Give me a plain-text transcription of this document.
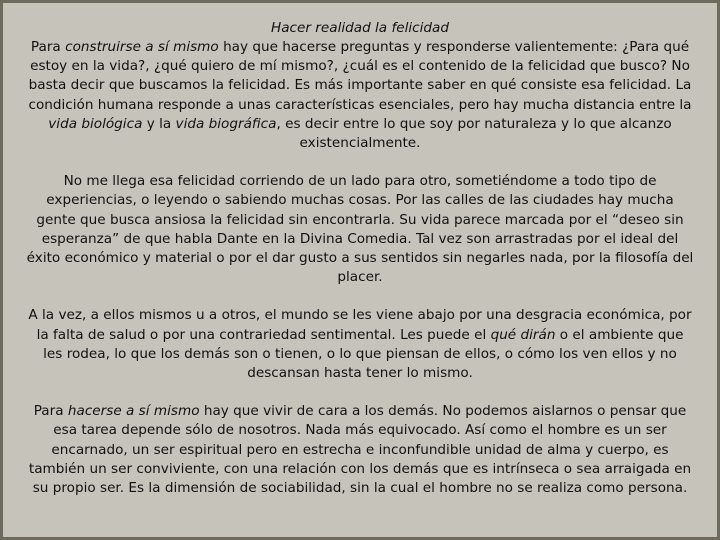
Hacer realidad la felicidad

Para construirse a sí mismo hay que hacerse preguntas y responderse valientemente: ¿Para qué estoy en la vida?, ¿qué quiero de mí mismo?, ¿cuál es el contenido de la felicidad que busco? No basta decir que buscamos la felicidad. Es más importante saber en qué consiste esa felicidad. La condición humana responde a unas características esenciales, pero hay mucha distancia entre la vida biológica y la vida biográfica, es decir entre lo que soy por naturaleza y lo que alcanzo existencialmente.

No me llega esa felicidad corriendo de un lado para otro, sometiéndome a todo tipo de experiencias, o leyendo o sabiendo muchas cosas. Por las calles de las ciudades hay mucha gente que busca ansiosa la felicidad sin encontrarla. Su vida parece marcada por el “deseo sin esperanza” de que habla Dante en la Divina Comedia. Tal vez son arrastradas por el ideal del éxito económico y material o por el dar gusto a sus sentidos sin negarles nada, por la filosofía del placer.

A la vez, a ellos mismos u a otros, el mundo se les viene abajo por una desgracia económica, por la falta de salud o por una contrariedad sentimental. Les puede el qué dirán o el ambiente que les rodea, lo que los demás son o tienen, o lo que piensan de ellos, o cómo los ven ellos y no descansan hasta tener lo mismo.

Para hacerse a sí mismo hay que vivir de cara a los demás. No podemos aislarnos o pensar que esa tarea depende sólo de nosotros. Nada más equivocado. Así como el hombre es un ser encarnado, un ser espiritual pero en estrecha e inconfundible unidad de alma y cuerpo, es también un ser conviviente, con una relación con los demás que es intrínseca o sea arraigada en su propio ser. Es la dimensión de sociabilidad, sin la cual el hombre no se realiza como persona.
